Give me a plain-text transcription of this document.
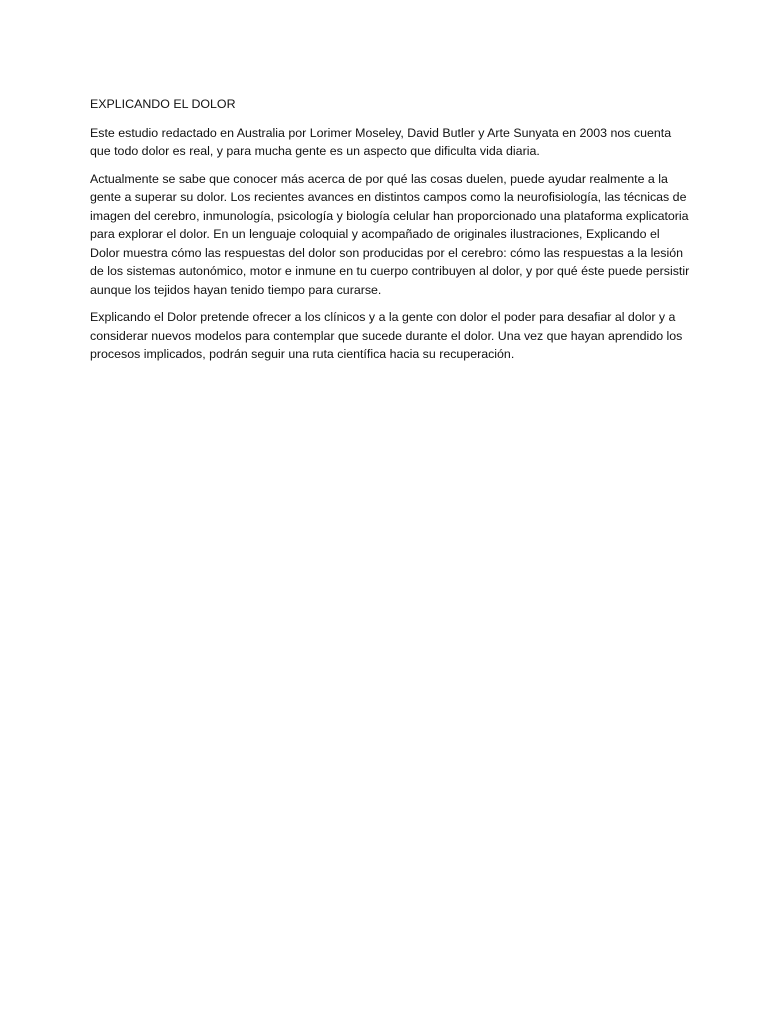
EXPLICANDO EL DOLOR

Este estudio redactado en Australia por Lorimer Moseley, David Butler y Arte Sunyata en 2003 nos cuenta que todo dolor es real, y para mucha gente es un aspecto que dificulta vida diaria.

Actualmente se sabe que conocer más acerca de por qué las cosas duelen, puede ayudar realmente a la gente a superar su dolor. Los recientes avances en distintos campos como la neurofisiología, las técnicas de imagen del cerebro, inmunología, psicología y biología celular han proporcionado una plataforma explicatoria para explorar el dolor. En un lenguaje coloquial y acompañado de originales ilustraciones, Explicando el Dolor muestra cómo las respuestas del dolor son producidas por el cerebro: cómo las respuestas a la lesión de los sistemas autonómico, motor e inmune en tu cuerpo contribuyen al dolor, y por qué éste puede persistir aunque los tejidos hayan tenido tiempo para curarse.

Explicando el Dolor pretende ofrecer a los clínicos y a la gente con dolor el poder para desafiar al dolor y a considerar nuevos modelos para contemplar que sucede durante el dolor. Una vez que hayan aprendido los procesos implicados, podrán seguir una ruta científica hacia su recuperación.
